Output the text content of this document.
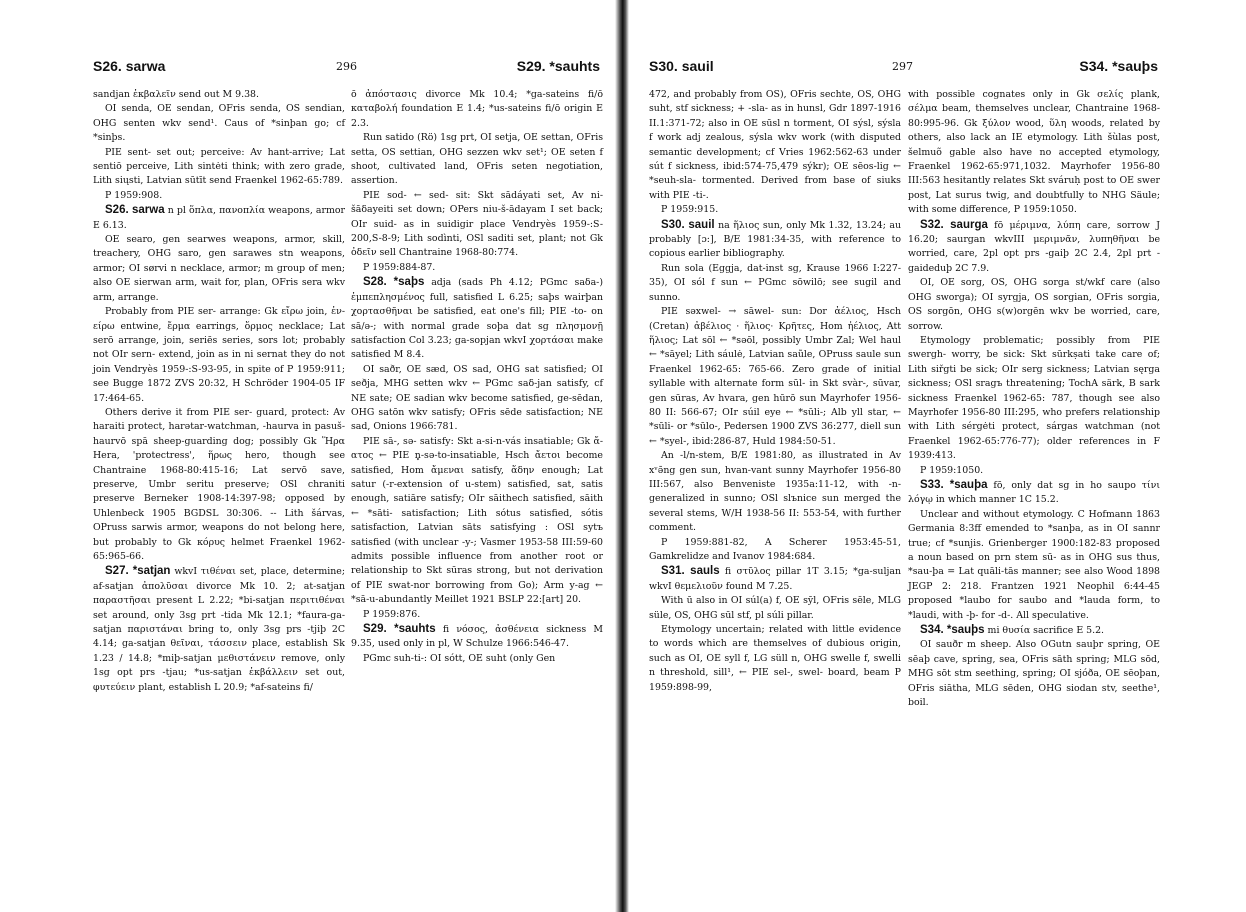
S26. sarwa	296	S29. *sauhts

sandjan ἐκβαλεῖν send out M 9.38.

OI senda, OE sendan, OFris senda, OS sendian, OHG senten wkv send¹. Caus of *sinþan go; cf *sinþs.

PIE sent- set out; perceive: Av hant-arrive; Lat sentiō perceive, Lith sintėti think; with zero grade, Lith siųsti, Latvian sūtīt send Fraenkel 1962-65:789.

P 1959:908.

S26. sarwa n pl ὅπλα, πανοπλία weapons, armor E 6.13.

OE searo, gen searwes weapons, armor, skill, treachery, OHG saro, gen sarawes stn weapons, armor; OI sørvi n necklace, armor; m group of men; also OE sierwan arm, wait for, plan, OFris sera wkv arm, arrange.

Probably from PIE ser- arrange: Gk εἴρω join, ἐν-είρω entwine, ἔρμα earrings, ὅρμος necklace; Lat serō arrange, join, seriēs series, sors lot; probably not OIr sern- extend, join as in ni sernat they do not join Vendryès 1959-:S-93-95, in spite of P 1959:911; see Bugge 1872 ZVS 20:32, H Schröder 1904-05 IF 17:464-65.

Others derive it from PIE ser- guard, protect: Av haraiti protect, harətar-watchman, -haurva in pasuš-haurvō spā sheep-guarding dog; possibly Gk Ἥρα Hera, 'protectress', ἥρως hero, though see Chantraine 1968-80:415-16; Lat servō save, preserve, Umbr seritu preserve; OSl chraniti preserve Berneker 1908-14:397-98; opposed by Uhlenbeck 1905 BGDSL 30:306. -- Lith šárvas, OPruss sarwis armor, weapons do not belong here, but probably to Gk κόρυς helmet Fraenkel 1962-65:965-66.

S27. *satjan wkvI τιθέναι set, place, determine; af-satjan ἀπολῦσαι divorce Mk 10. 2; at-satjan παραστῆσαι present L 2.22; *bi-satjan περιτιθέναι set around, only 3sg prt -tida Mk 12.1; *faura-ga-satjan παριστάναι bring to, only 3sg prs -tjiþ 2C 4.14; ga-satjan θεῖναι, τάσσειν place, establish Sk 1.23 / 14.8; *miþ-satjan μεθιστάνειν remove, only 1sg opt prs -tjau; *us-satjan ἐκβάλλειν set out, φυτεύειν plant, establish L 20.9; *af-sateins fi/

ō ἀπόστασις divorce Mk 10.4; *ga-sateins fi/ō καταβολή foundation E 1.4; *us-sateins fi/ō origin E 2.3.

Run satido (Rö) 1sg prt, OI setja, OE settan, OFris setta, OS settian, OHG sezzen wkv set¹; OE seten f shoot, cultivated land, OFris seten negotiation, assertion.

PIE sod- ← sed- sit: Skt sādáyati set, Av ni-šāδayeiti set down; OPers niu-š-ādayam I set back; OIr suid- as in suidigir place Vendryès 1959-:S-200,S-8-9; Lith sodìnti, OSl saditi set, plant; not Gk ὀδεῖν sell Chantraine 1968-80:774.

P 1959:884-87.

S28. *saþs adja (sads Ph 4.12; PGmc saδa-) ἐμπεπλησμένος full, satisfied L 6.25; saþs wairþan χορτασθῆναι be satisfied, eat one's fill; PIE -to- on sā/ə-; with normal grade soþa dat sg πλησμονῇ satisfaction Col 3.23; ga-sopjan wkvI χορτάσαι make satisfied M 8.4.

OI saðr, OE sæd, OS sad, OHG sat satisfied; OI seðja, MHG setten wkv ← PGmc saδ-jan satisfy, cf NE sate; OE sadian wkv become satisfied, ge-sēdan, OHG satōn wkv satisfy; OFris sēde satisfaction; NE sad, Onions 1966:781.

PIE sā-, sə- satisfy: Skt a-si-n-vás insatiable; Gk ἄ-ατος ← PIE n̥-sə-to-insatiable, Hsch ἄετοι become satisfied, Hom ἄμεναι satisfy, ἅδην enough; Lat satur (-r-extension of u-stem) satisfied, sat, satis enough, satiāre satisfy; OIr sāithech satisfied, sāith ← *sāti- satisfaction; Lith sótus satisfied, sótis satisfaction, Latvian sāts satisfying : OSl sytъ satisfied (with unclear -y-; Vasmer 1953-58 III:59-60 admits possible influence from another root or relationship to Skt sūras strong, but not derivation of PIE swat-nor borrowing from Go); Arm y-ag ← *sā-u-abundantly Meillet 1921 BSLP 22:[art] 20.

P 1959:876.

S29. *sauhts fi νόσος, ἀσθένεια sickness M 9.35, used only in pl, W Schulze 1966:546-47.

PGmc suh-ti-: OI sótt, OE suht (only Gen

S30. sauil	297	S34. *sauþs

472, and probably from OS), OFris sechte, OS, OHG suht, stf sickness; + -sla- as in hunsl, Gdr 1897-1916 II.1:371-72; also in OE sūsl n torment, OI sýsl, sýsla f work adj zealous, sýsla wkv work (with disputed semantic development; cf Vries 1962:562-63 under sút f sickness, ibid:574-75,479 sýkr); OE sēos-lig ← *seuh-sla- tormented. Derived from base of siuks with PIE -ti-.

P 1959:915.

S30. sauil na ἥλιος sun, only Mk 1.32, 13.24; au probably [ɔ:], B/E 1981:34-35, with reference to copious earlier bibliography.

Run sola (Eggja, dat-inst sg, Krause 1966 I:227-35), OI sól f sun ← PGmc sōwilō; see sugil and sunno.

PIE sәxwel- → sāwel- sun: Dor ἀέλιος, Hsch (Cretan) ἀβέλιος · ἥλιος· Κρῆτες, Hom ἠέλιος, Att ἥλιος; Lat sōl ← *sәōl, possibly Umbr Zal; Wel haul ← *sāyel; Lith sáulė, Latvian saũle, OPruss saule sun Fraenkel 1962-65: 765-66. Zero grade of initial syllable with alternate form sūl- in Skt svàr-, sūvar, gen sūras, Av hvara, gen hūrō sun Mayrhofer 1956-80 II: 566-67; OIr súil eye ← *sūli-; Alb yll star, ← *sūli- or *sūlo-, Pedersen 1900 ZVS 36:277, diell sun ← *syel-, ibid:286-87, Huld 1984:50-51.

An -l/n-stem, B/E 1981:80, as illustrated in Av xᵛə̄ng gen sun, hvan-vant sunny Mayrhofer 1956-80 III:567, also Benveniste 1935a:11-12, with -n- generalized in sunno; OSl slъnice sun merged the several stems, W/H 1938-56 II: 553-54, with further comment.

P 1959:881-82, A Scherer 1953:45-51, Gamkrelidze and Ivanov 1984:684.

S31. sauls fi στῦλος pillar 1T 3.15; *ga-suljan wkvI θεμελιοῦν found M 7.25.

With ū also in OI súl(a) f, OE sȳl, OFris sēle, MLG süle, OS, OHG sūl stf, pl súli pillar.

Etymology uncertain; related with little evidence to words which are themselves of dubious origin, such as OI, OE syll f, LG süll n, OHG swelle f, swelli n threshold, sill¹, ← PIE sel-, swel- board, beam P 1959:898-99,

with possible cognates only in Gk σελίς plank, σέλμα beam, themselves unclear, Chantraine 1968-80:995-96. Gk ξύλον wood, ὕλη woods, related by others, also lack an IE etymology. Lith šùlas post, šelmuõ gable also have no accepted etymology, Fraenkel 1962-65:971,1032. Mayrhofer 1956-80 III:563 hesitantly relates Skt sváruḥ post to OE swer post, Lat surus twig, and doubtfully to NHG Säule; with some difference, P 1959:1050.

S32. saurga fō μέριμνα, λύπη care, sorrow J 16.20; saurgan wkvIII μεριμνᾶν, λυπηθῆναι be worried, care, 2pl opt prs -gaiþ 2C 2.4, 2pl prt -gaideduþ 2C 7.9.

OI, OE sorg, OS, OHG sorga st/wkf care (also OHG sworga); OI syrgja, OS sorgian, OFris sorgia, OS sorgōn, OHG s(w)orgēn wkv be worried, care, sorrow.

Etymology problematic; possibly from PIE swergh- worry, be sick: Skt sūrkṣati take care of; Lith siřgti be sick; OIr serg sickness; Latvian sęrga sickness; OSl sragъ threatening; TochA särk, B sark sickness Fraenkel 1962-65: 787, though see also Mayrhofer 1956-80 III:295, who prefers relationship with Lith sérgėti protect, sárgas watchman (not Fraenkel 1962-65:776-77); older references in F 1939:413.

P 1959:1050.

S33. *sauþa fō, only dat sg in ho saupo τίνι λόγῳ in which manner 1C 15.2.

Unclear and without etymology. C Hofmann 1863 Germania 8:3ff emended to *sanþa, as in OI sannr true; cf *sunjis. Grienberger 1900:182-83 proposed a noun based on prn stem sū- as in OHG sus thus, *sau-þa = Lat quāli-tās manner; see also Wood 1898 JEGP 2: 218. Frantzen 1921 Neophil 6:44-45 proposed *laubo for saubo and *lauda form, to *laudi, with -þ- for -d-. All speculative.

S34. *sauþs mi θυσία sacrifice E 5.2.

OI sauðr m sheep. Also OGutn sauþr spring, OE sēaþ cave, spring, sea, OFris sāth spring; MLG sōd, MHG sōt stm seething, spring; OI sjóða, OE sēoþan, OFris siātha, MLG sēden, OHG siodan stv, seethe¹, boil.
